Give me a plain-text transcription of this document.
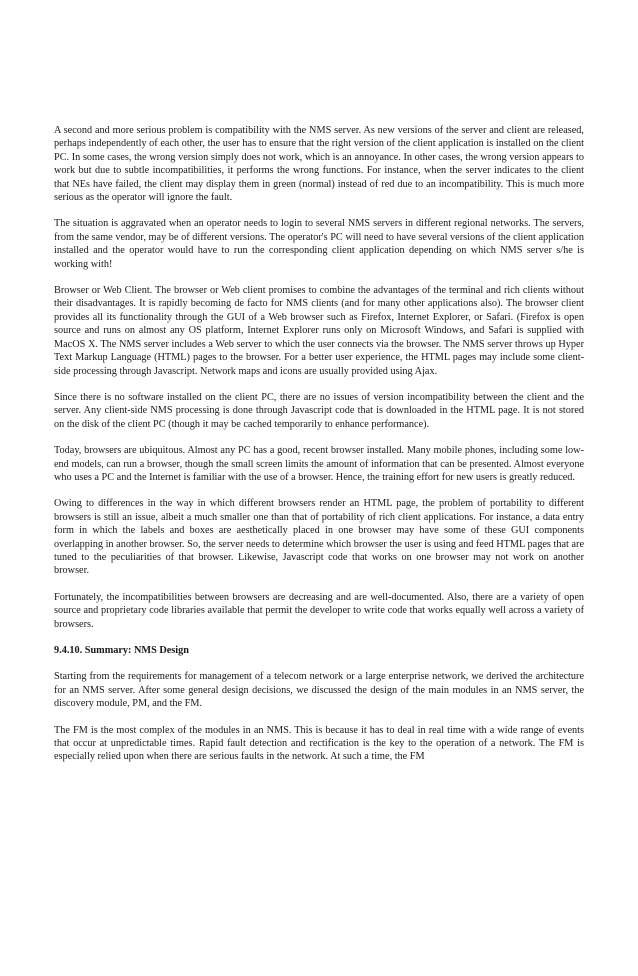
A second and more serious problem is compatibility with the NMS server. As new versions of the server and client are released, perhaps independently of each other, the user has to ensure that the right version of the client application is installed on the client PC. In some cases, the wrong version simply does not work, which is an annoyance. In other cases, the wrong version appears to work but due to subtle incompatibilities, it performs the wrong functions. For instance, when the server indicates to the client that NEs have failed, the client may display them in green (normal) instead of red due to an incompatibility. This is much more serious as the operator will ignore the fault.

The situation is aggravated when an operator needs to login to several NMS servers in different regional networks. The servers, from the same vendor, may be of different versions. The operator's PC will need to have several versions of the client application installed and the operator would have to run the corresponding client application depending on which NMS server s/he is working with!

Browser or Web Client. The browser or Web client promises to combine the advantages of the terminal and rich clients without their disadvantages. It is rapidly becoming de facto for NMS clients (and for many other applications also). The browser client provides all its functionality through the GUI of a Web browser such as Firefox, Internet Explorer, or Safari. (Firefox is open source and runs on almost any OS platform, Internet Explorer runs only on Microsoft Windows, and Safari is supplied with MacOS X. The NMS server includes a Web server to which the user connects via the browser. The NMS server throws up Hyper Text Markup Language (HTML) pages to the browser. For a better user experience, the HTML pages may include some client-side processing through Javascript. Network maps and icons are usually provided using Ajax.

Since there is no software installed on the client PC, there are no issues of version incompatibility between the client and the server. Any client-side NMS processing is done through Javascript code that is downloaded in the HTML page. It is not stored on the disk of the client PC (though it may be cached temporarily to enhance performance).

Today, browsers are ubiquitous. Almost any PC has a good, recent browser installed. Many mobile phones, including some low-end models, can run a browser, though the small screen limits the amount of information that can be presented. Almost everyone who uses a PC and the Internet is familiar with the use of a browser. Hence, the training effort for new users is greatly reduced.

Owing to differences in the way in which different browsers render an HTML page, the problem of portability to different browsers is still an issue, albeit a much smaller one than that of portability of rich client applications. For instance, a data entry form in which the labels and boxes are aesthetically placed in one browser may have some of these GUI components overlapping in another browser. So, the server needs to determine which browser the user is using and feed HTML pages that are tuned to the peculiarities of that browser. Likewise, Javascript code that works on one browser may not work on another browser.

Fortunately, the incompatibilities between browsers are decreasing and are well-documented. Also, there are a variety of open source and proprietary code libraries available that permit the developer to write code that works equally well across a variety of browsers.

9.4.10. Summary: NMS Design

Starting from the requirements for management of a telecom network or a large enterprise network, we derived the architecture for an NMS server. After some general design decisions, we discussed the design of the main modules in an NMS server, the discovery module, PM, and the FM.

The FM is the most complex of the modules in an NMS. This is because it has to deal in real time with a wide range of events that occur at unpredictable times. Rapid fault detection and rectification is the key to the operation of a network. The FM is especially relied upon when there are serious faults in the network. At such a time, the FM
